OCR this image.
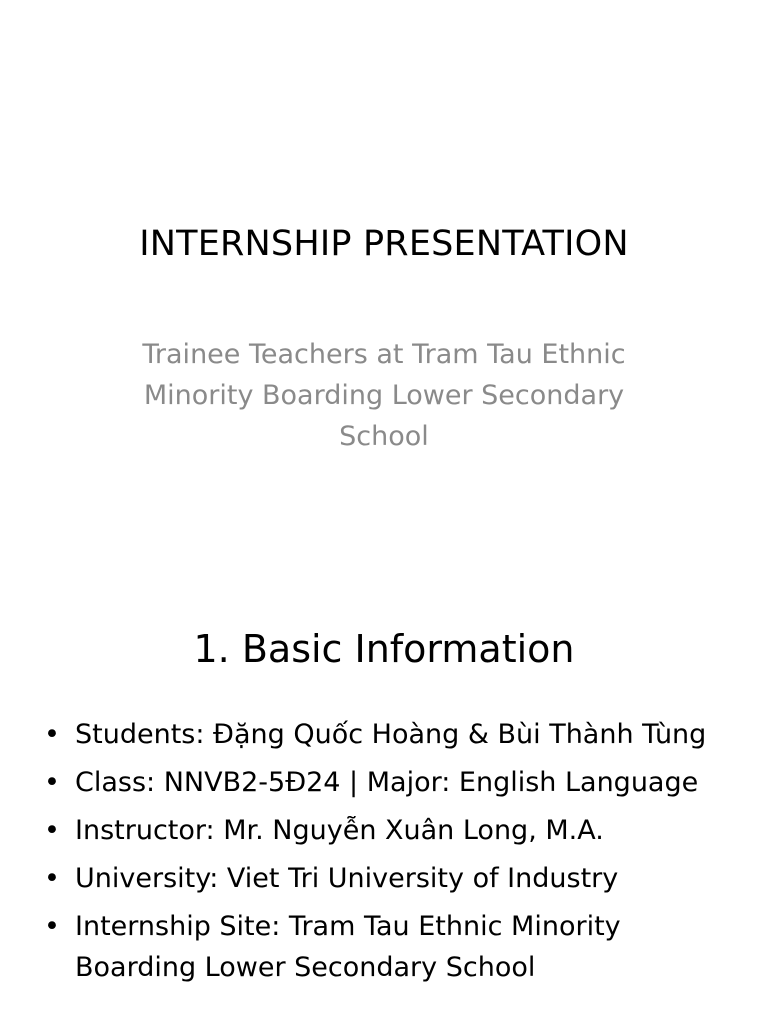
INTERNSHIP PRESENTATION
Trainee Teachers at Tram Tau Ethnic Minority Boarding Lower Secondary School
1. Basic Information
• Students: Đặng Quốc Hoàng & Bùi Thành Tùng
• Class: NNVB2-5Đ24 | Major: English Language
• Instructor: Mr. Nguyễn Xuân Long, M.A.
• University: Viet Tri University of Industry
• Internship Site: Tram Tau Ethnic Minority Boarding Lower Secondary School
